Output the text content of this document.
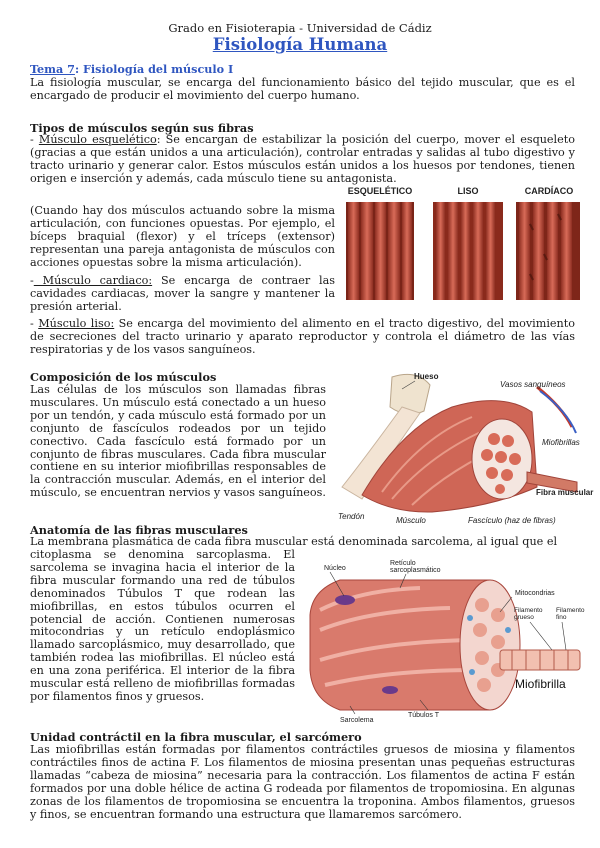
Grado en Fisioterapia - Universidad de Cádiz
Fisiología Humana
Tema 7: Fisiología del músculo I
La fisiología muscular, se encarga del funcionamiento básico del tejido muscular, que es el encargado de producir el movimiento del cuerpo humano.
Tipos de músculos según sus fibras
- Músculo esquelético: Se encargan de estabilizar la posición del cuerpo, mover el esqueleto (gracias a que están unidos a una articulación), controlar entradas y salidas al tubo digestivo y tracto urinario y generar calor. Estos músculos están unidos a los huesos por tendones, tienen origen e inserción y además, cada músculo tiene su antagonista.
(Cuando hay dos músculos actuando sobre la misma articulación, con funciones opuestas. Por ejemplo, el bíceps braquial (flexor) y el tríceps (extensor) representan una pareja antagonista de músculos con acciones opuestas sobre la misma articulación).
- Músculo cardiaco: Se encarga de contraer las cavidades cardiacas, mover la sangre y mantener la presión arterial.
- Músculo liso: Se encarga del movimiento del alimento en el tracto digestivo, del movimiento de secreciones del tracto urinario y aparato reproductor y controla el diámetro de las vías respiratorias y de los vasos sanguíneos.
ESQUELÉTICO	LISO	CARDÍACO
Composición de los músculos
Las células de los músculos son llamadas fibras musculares. Un músculo está conectado a un hueso por un tendón, y cada músculo está formado por un conjunto de fascículos rodeados por un tejido conectivo. Cada fascículo está formado por un conjunto de fibras musculares. Cada fibra muscular contiene en su interior miofibrillas responsables de la contracción muscular. Además, en el interior del músculo, se encuentran nervios y vasos sanguíneos.
Hueso
Vasos sanguíneos
Miofibrillas
Fibra muscular
Tendón	Músculo	Fascículo (haz de fibras)
Anatomía de las fibras musculares
La membrana plasmática de cada fibra muscular está denominada sarcolema, al igual que el
citoplasma se denomina sarcoplasma. El sarcolema se invagina hacia el interior de la fibra muscular formando una red de túbulos denominados Túbulos T que rodean las miofibrillas, en estos túbulos ocurren el potencial de acción. Contienen numerosas mitocondrias y un retículo endoplásmico llamado sarcoplásmico, muy desarrollado, que también rodea las miofibrillas. El núcleo está en una zona periférica. El interior de la fibra muscular está relleno de miofibrillas formadas por filamentos finos y gruesos.
Núcleo
Retículo sarcoplasmático
Mitocondrias
Filamento grueso
Filamento fino
Miofibrilla
Sarcolema
Túbulos T
Unidad contráctil en la fibra muscular, el sarcómero
Las miofibrillas están formadas por filamentos contráctiles gruesos de miosina y filamentos contráctiles finos de actina F. Los filamentos de miosina presentan unas pequeñas estructuras llamadas “cabeza de miosina” necesaria para la contracción. Los filamentos de actina F están formados por una doble hélice de actina G rodeada por filamentos de tropomiosina. En algunas zonas de los filamentos de tropomiosina se encuentra la troponina. Ambos filamentos, gruesos y finos, se encuentran formando una estructura que llamaremos sarcómero.
